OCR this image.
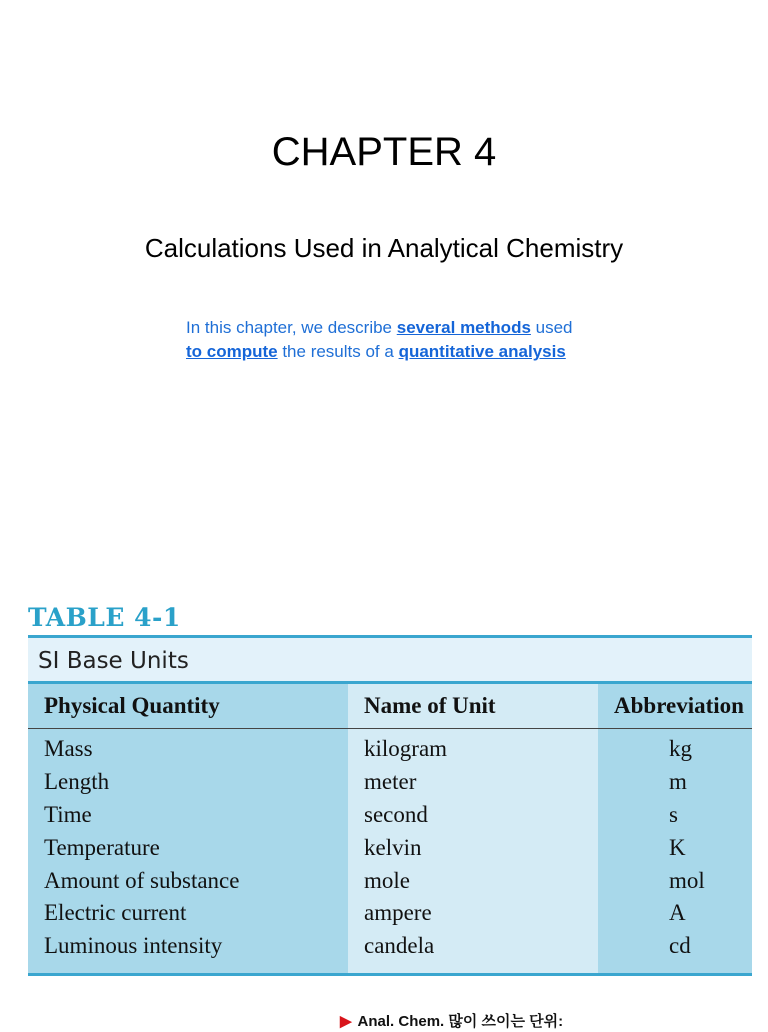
CHAPTER 4
Calculations Used in Analytical Chemistry
In this chapter, we describe several methods used
to compute the results of a quantitative analysis
TABLE 4-1
SI Base Units
Physical Quantity	Name of Unit	Abbreviation
Mass	kilogram	kg
Length	meter	m
Time	second	s
Temperature	kelvin	K
Amount of substance	mole	mol
Electric current	ampere	A
Luminous intensity	candela	cd
▶ Anal. Chem. 많이 쓰이는 단위:
